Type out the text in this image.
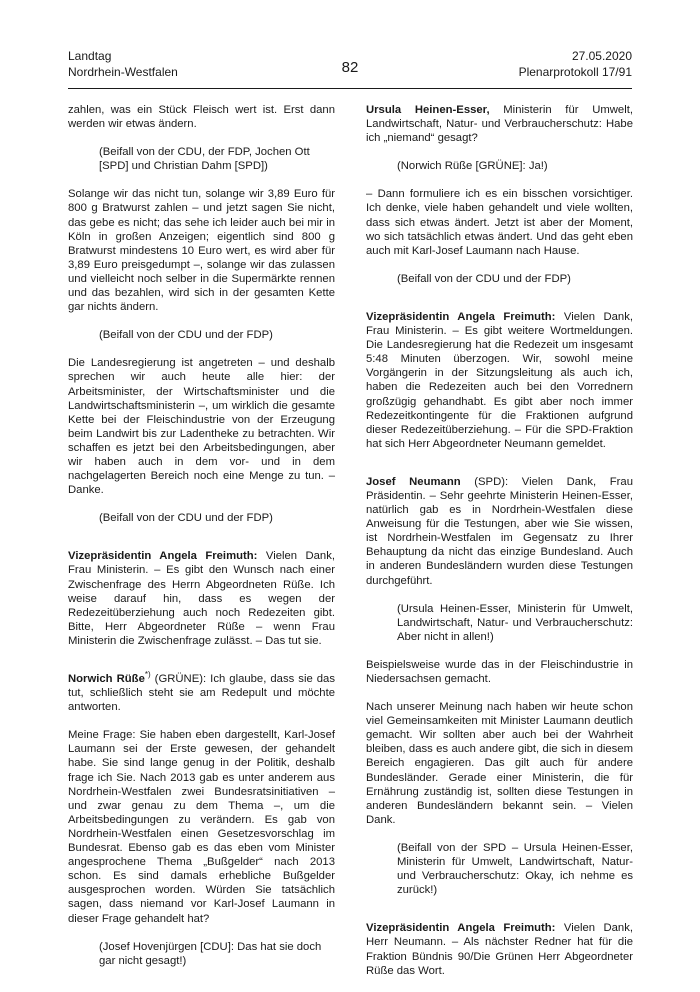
Landtag
Nordrhein-Westfalen	82
27.05.2020
Plenarprotokoll 17/91

zahlen, was ein Stück Fleisch wert ist. Erst dann werden wir etwas ändern.

(Beifall von der CDU, der FDP, Jochen Ott [SPD] und Christian Dahm [SPD])

Solange wir das nicht tun, solange wir 3,89 Euro für 800 g Bratwurst zahlen – und jetzt sagen Sie nicht, das gebe es nicht; das sehe ich leider auch bei mir in Köln in großen Anzeigen; eigentlich sind 800 g Bratwurst mindestens 10 Euro wert, es wird aber für 3,89 Euro preisgedumpt –, solange wir das zulassen und vielleicht noch selber in die Supermärkte rennen und das bezahlen, wird sich in der gesamten Kette gar nichts ändern.

(Beifall von der CDU und der FDP)

Die Landesregierung ist angetreten – und deshalb sprechen wir auch heute alle hier: der Arbeitsminister, der Wirtschaftsminister und die Landwirtschaftsministerin –, um wirklich die gesamte Kette bei der Fleischindustrie von der Erzeugung beim Landwirt bis zur Ladentheke zu betrachten. Wir schaffen es jetzt bei den Arbeitsbedingungen, aber wir haben auch in dem vor- und in dem nachgelagerten Bereich noch eine Menge zu tun. – Danke.

(Beifall von der CDU und der FDP)

Vizepräsidentin Angela Freimuth: Vielen Dank, Frau Ministerin. – Es gibt den Wunsch nach einer Zwischenfrage des Herrn Abgeordneten Rüße. Ich weise darauf hin, dass es wegen der Redezeitüberziehung auch noch Redezeiten gibt. Bitte, Herr Abgeordneter Rüße – wenn Frau Ministerin die Zwischenfrage zulässt. – Das tut sie.

Norwich Rüße*) (GRÜNE): Ich glaube, dass sie das tut, schließlich steht sie am Redepult und möchte antworten.

Meine Frage: Sie haben eben dargestellt, Karl-Josef Laumann sei der Erste gewesen, der gehandelt habe. Sie sind lange genug in der Politik, deshalb frage ich Sie. Nach 2013 gab es unter anderem aus Nordrhein-Westfalen zwei Bundesratsinitiativen – und zwar genau zu dem Thema –, um die Arbeitsbedingungen zu verändern. Es gab von Nordrhein-Westfalen einen Gesetzesvorschlag im Bundesrat. Ebenso gab es das eben vom Minister angesprochene Thema „Bußgelder“ nach 2013 schon. Es sind damals erhebliche Bußgelder ausgesprochen worden. Würden Sie tatsächlich sagen, dass niemand vor Karl-Josef Laumann in dieser Frage gehandelt hat?

(Josef Hovenjürgen [CDU]: Das hat sie doch gar nicht gesagt!)

Ursula Heinen-Esser, Ministerin für Umwelt, Landwirtschaft, Natur- und Verbraucherschutz: Habe ich „niemand“ gesagt?

(Norwich Rüße [GRÜNE]: Ja!)

– Dann formuliere ich es ein bisschen vorsichtiger. Ich denke, viele haben gehandelt und viele wollten, dass sich etwas ändert. Jetzt ist aber der Moment, wo sich tatsächlich etwas ändert. Und das geht eben auch mit Karl-Josef Laumann nach Hause.

(Beifall von der CDU und der FDP)

Vizepräsidentin Angela Freimuth: Vielen Dank, Frau Ministerin. – Es gibt weitere Wortmeldungen. Die Landesregierung hat die Redezeit um insgesamt 5:48 Minuten überzogen. Wir, sowohl meine Vorgängerin in der Sitzungsleitung als auch ich, haben die Redezeiten auch bei den Vorrednern großzügig gehandhabt. Es gibt aber noch immer Redezeitkontingente für die Fraktionen aufgrund dieser Redezeitüberziehung. – Für die SPD-Fraktion hat sich Herr Abgeordneter Neumann gemeldet.

Josef Neumann (SPD): Vielen Dank, Frau Präsidentin. – Sehr geehrte Ministerin Heinen-Esser, natürlich gab es in Nordrhein-Westfalen diese Anweisung für die Testungen, aber wie Sie wissen, ist Nordrhein-Westfalen im Gegensatz zu Ihrer Behauptung da nicht das einzige Bundesland. Auch in anderen Bundesländern wurden diese Testungen durchgeführt.

(Ursula Heinen-Esser, Ministerin für Umwelt, Landwirtschaft, Natur- und Verbraucherschutz: Aber nicht in allen!)

Beispielsweise wurde das in der Fleischindustrie in Niedersachsen gemacht.

Nach unserer Meinung nach haben wir heute schon viel Gemeinsamkeiten mit Minister Laumann deutlich gemacht. Wir sollten aber auch bei der Wahrheit bleiben, dass es auch andere gibt, die sich in diesem Bereich engagieren. Das gilt auch für andere Bundesländer. Gerade einer Ministerin, die für Ernährung zuständig ist, sollten diese Testungen in anderen Bundesländern bekannt sein. – Vielen Dank.

(Beifall von der SPD – Ursula Heinen-Esser, Ministerin für Umwelt, Landwirtschaft, Natur- und Verbraucherschutz: Okay, ich nehme es zurück!)

Vizepräsidentin Angela Freimuth: Vielen Dank, Herr Neumann. – Als nächster Redner hat für die Fraktion Bündnis 90/Die Grünen Herr Abgeordneter Rüße das Wort.
